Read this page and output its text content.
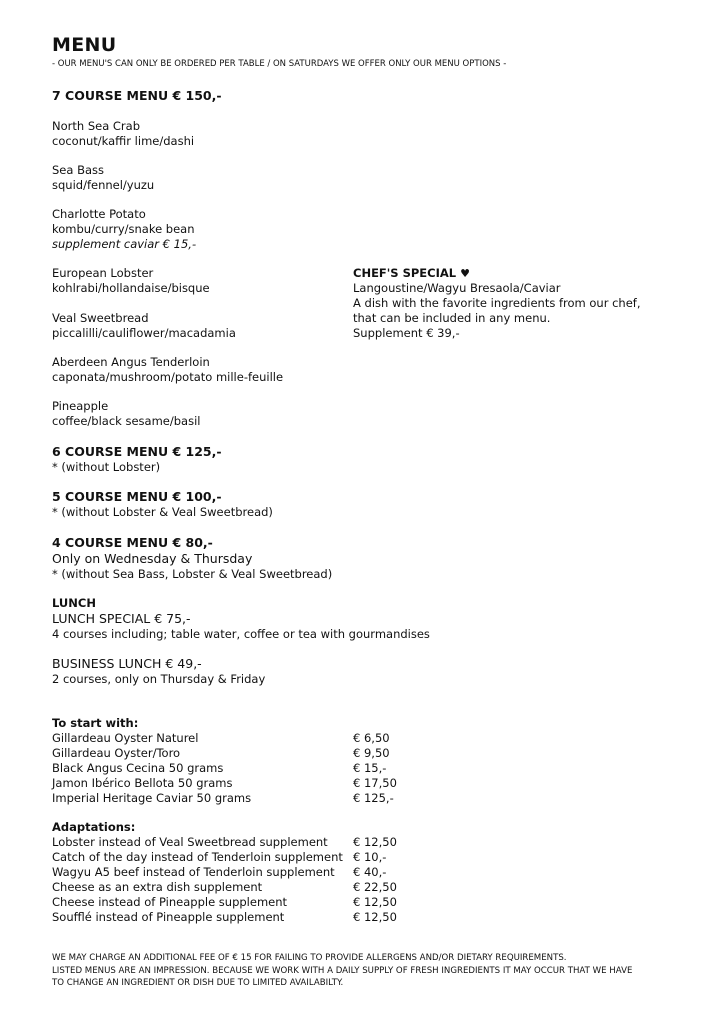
MENU
- OUR MENU'S CAN ONLY BE ORDERED PER TABLE / ON SATURDAYS WE OFFER ONLY OUR MENU OPTIONS -
7 COURSE MENU € 150,-
North Sea Crab
coconut/kaffir lime/dashi
Sea Bass
squid/fennel/yuzu
Charlotte Potato
kombu/curry/snake bean
supplement caviar € 15,-
European Lobster
kohlrabi/hollandaise/bisque
Veal Sweetbread
piccalilli/cauliflower/macadamia
Aberdeen Angus Tenderloin
caponata/mushroom/potato mille-feuille
Pineapple
coffee/black sesame/basil
CHEF'S SPECIAL ♥
Langoustine/Wagyu Bresaola/Caviar
A dish with the favorite ingredients from our chef,
that can be included in any menu.
Supplement € 39,-
6 COURSE MENU € 125,-
* (without Lobster)
5 COURSE MENU € 100,-
* (without Lobster & Veal Sweetbread)
4 COURSE MENU € 80,-
Only on Wednesday & Thursday
* (without Sea Bass, Lobster & Veal Sweetbread)
LUNCH
LUNCH SPECIAL € 75,-
4 courses including; table water, coffee or tea with gourmandises
BUSINESS LUNCH € 49,-
2 courses, only on Thursday & Friday
To start with:
Gillardeau Oyster Naturel
Gillardeau Oyster/Toro
Black Angus Cecina 50 grams
Jamon Ibérico Bellota 50 grams
Imperial Heritage Caviar 50 grams
€ 6,50
€ 9,50
€ 15,-
€ 17,50
€ 125,-
Adaptations:
Lobster instead of Veal Sweetbread supplement
Catch of the day instead of Tenderloin supplement
Wagyu A5 beef instead of Tenderloin supplement
Cheese as an extra dish supplement
Cheese instead of Pineapple supplement
Soufflé instead of Pineapple supplement
€ 12,50
€ 10,-
€ 40,-
€ 22,50
€ 12,50
€ 12,50
WE MAY CHARGE AN ADDITIONAL FEE OF € 15 FOR FAILING TO PROVIDE ALLERGENS AND/OR DIETARY REQUIREMENTS.
LISTED MENUS ARE AN IMPRESSION. BECAUSE WE WORK WITH A DAILY SUPPLY OF FRESH INGREDIENTS IT MAY OCCUR THAT WE HAVE
TO CHANGE AN INGREDIENT OR DISH DUE TO LIMITED AVAILABILTY.
